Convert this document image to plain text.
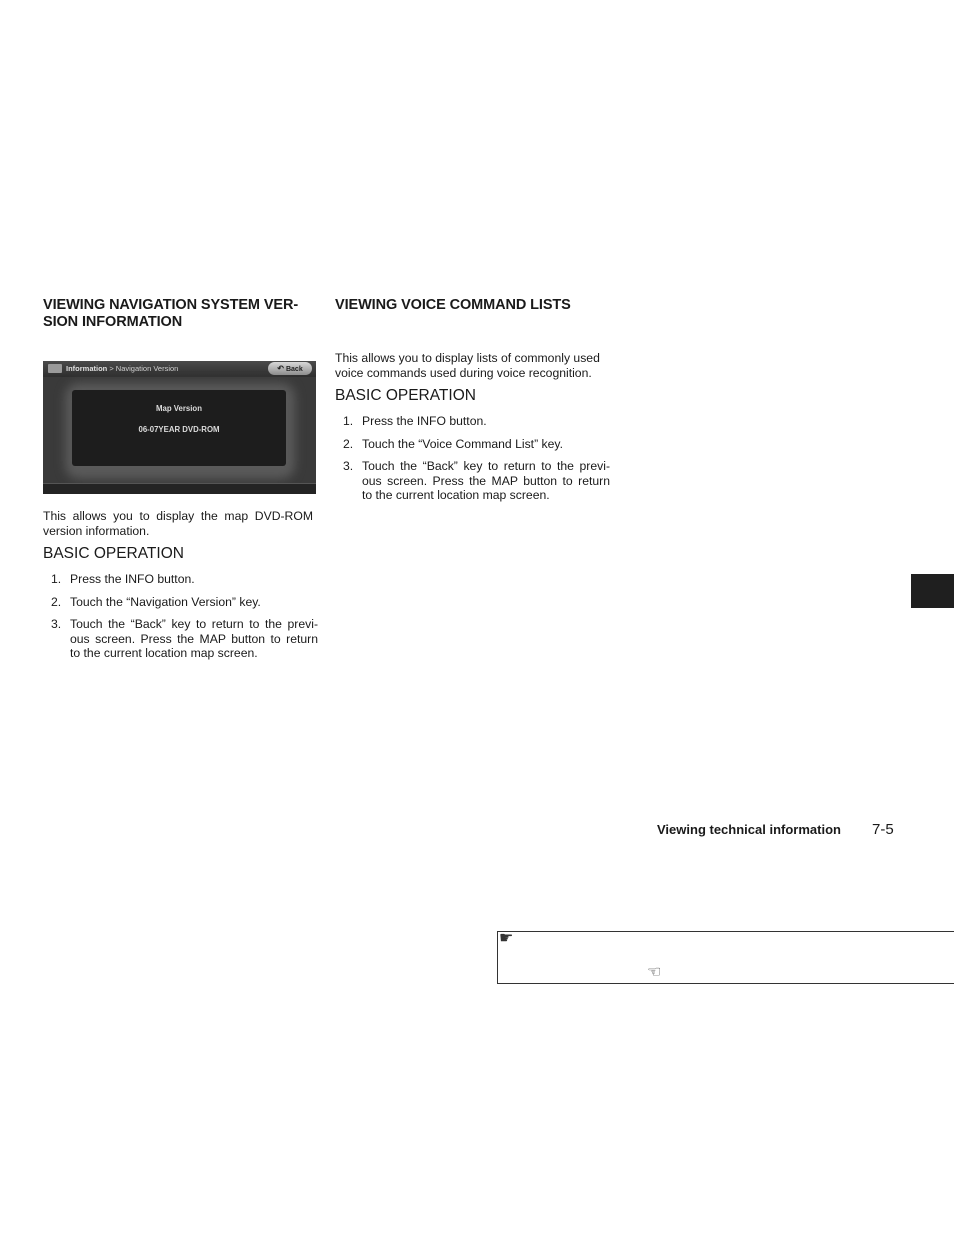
VIEWING NAVIGATION SYSTEM VER-
SION INFORMATION
Information > Navigation Version	↶ Back
Map Version
06-07YEAR DVD-ROM
This allows you to display the map DVD-ROM
version information.
BASIC OPERATION
1. Press the INFO button.
2. Touch the “Navigation Version” key.
3. Touch the “Back” key to return to the previ-
ous screen. Press the MAP button to return
to the current location map screen.
VIEWING VOICE COMMAND LISTS
This allows you to display lists of commonly used
voice commands used during voice recognition.
BASIC OPERATION
1. Press the INFO button.
2. Touch the “Voice Command List” key.
3. Touch the “Back” key to return to the previ-
ous screen. Press the MAP button to return
to the current location map screen.
Viewing technical information 7-5
☛
☜
